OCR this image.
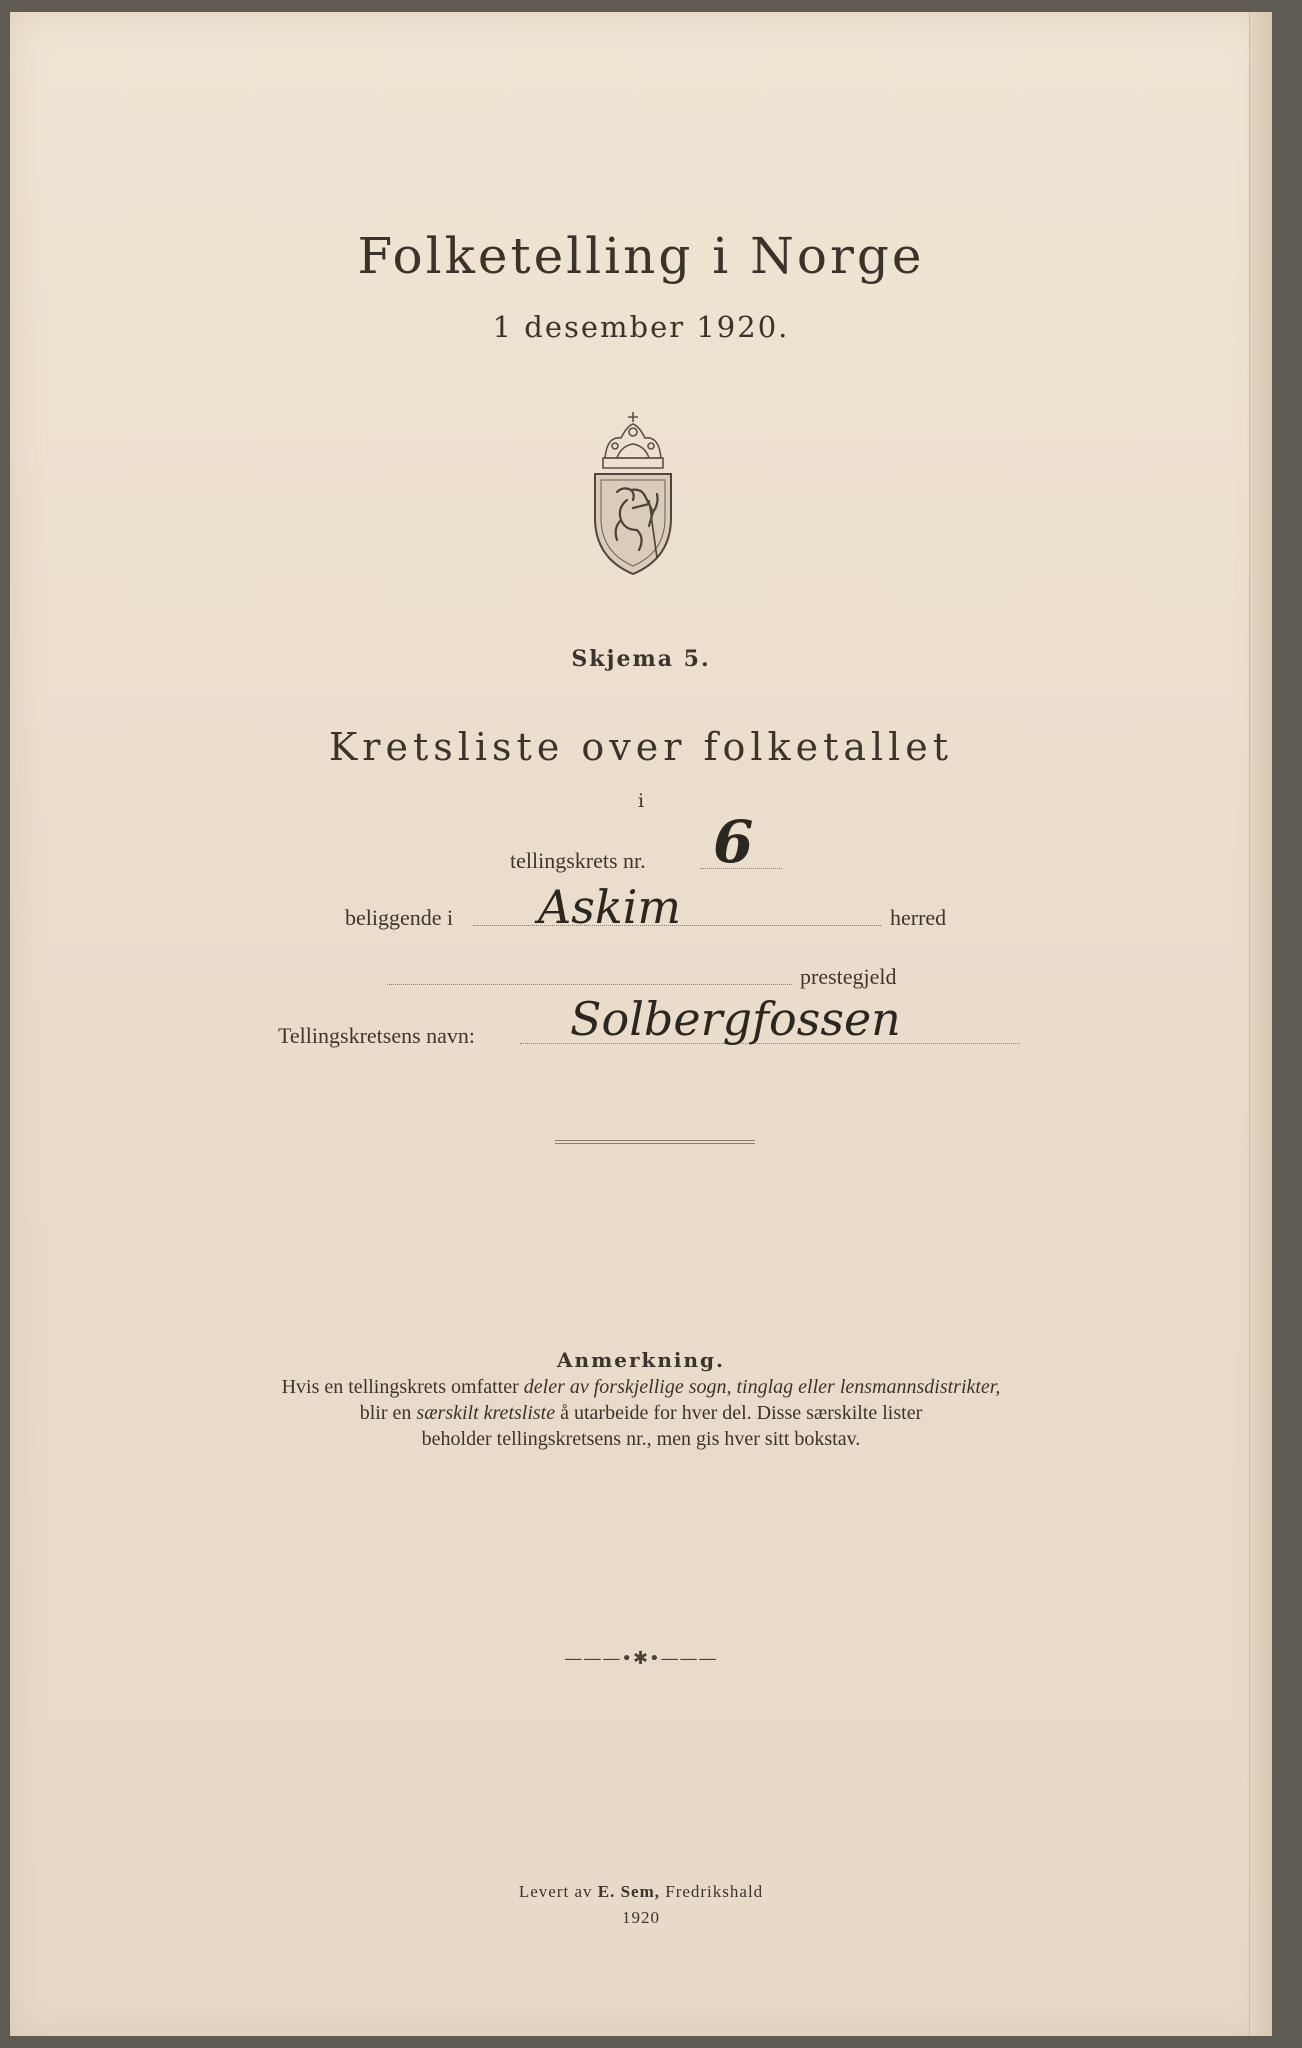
Folketelling i Norge
1 desember 1920.
Skjema 5.
Kretsliste over folketallet
i
tellingskrets nr. 6
beliggende i Askim	herred
prestegjeld
Tellingskretsens navn: Solbergfossen
Anmerkning.
Hvis en tellingskrets omfatter deler av forskjellige sogn, tinglag eller lensmannsdistrikter,
blir en særskilt kretsliste å utarbeide for hver del. Disse særskilte lister
beholder tellingskretsens nr., men gis hver sitt bokstav.
———•✱•———
Levert av E. Sem, Fredrikshald
1920
